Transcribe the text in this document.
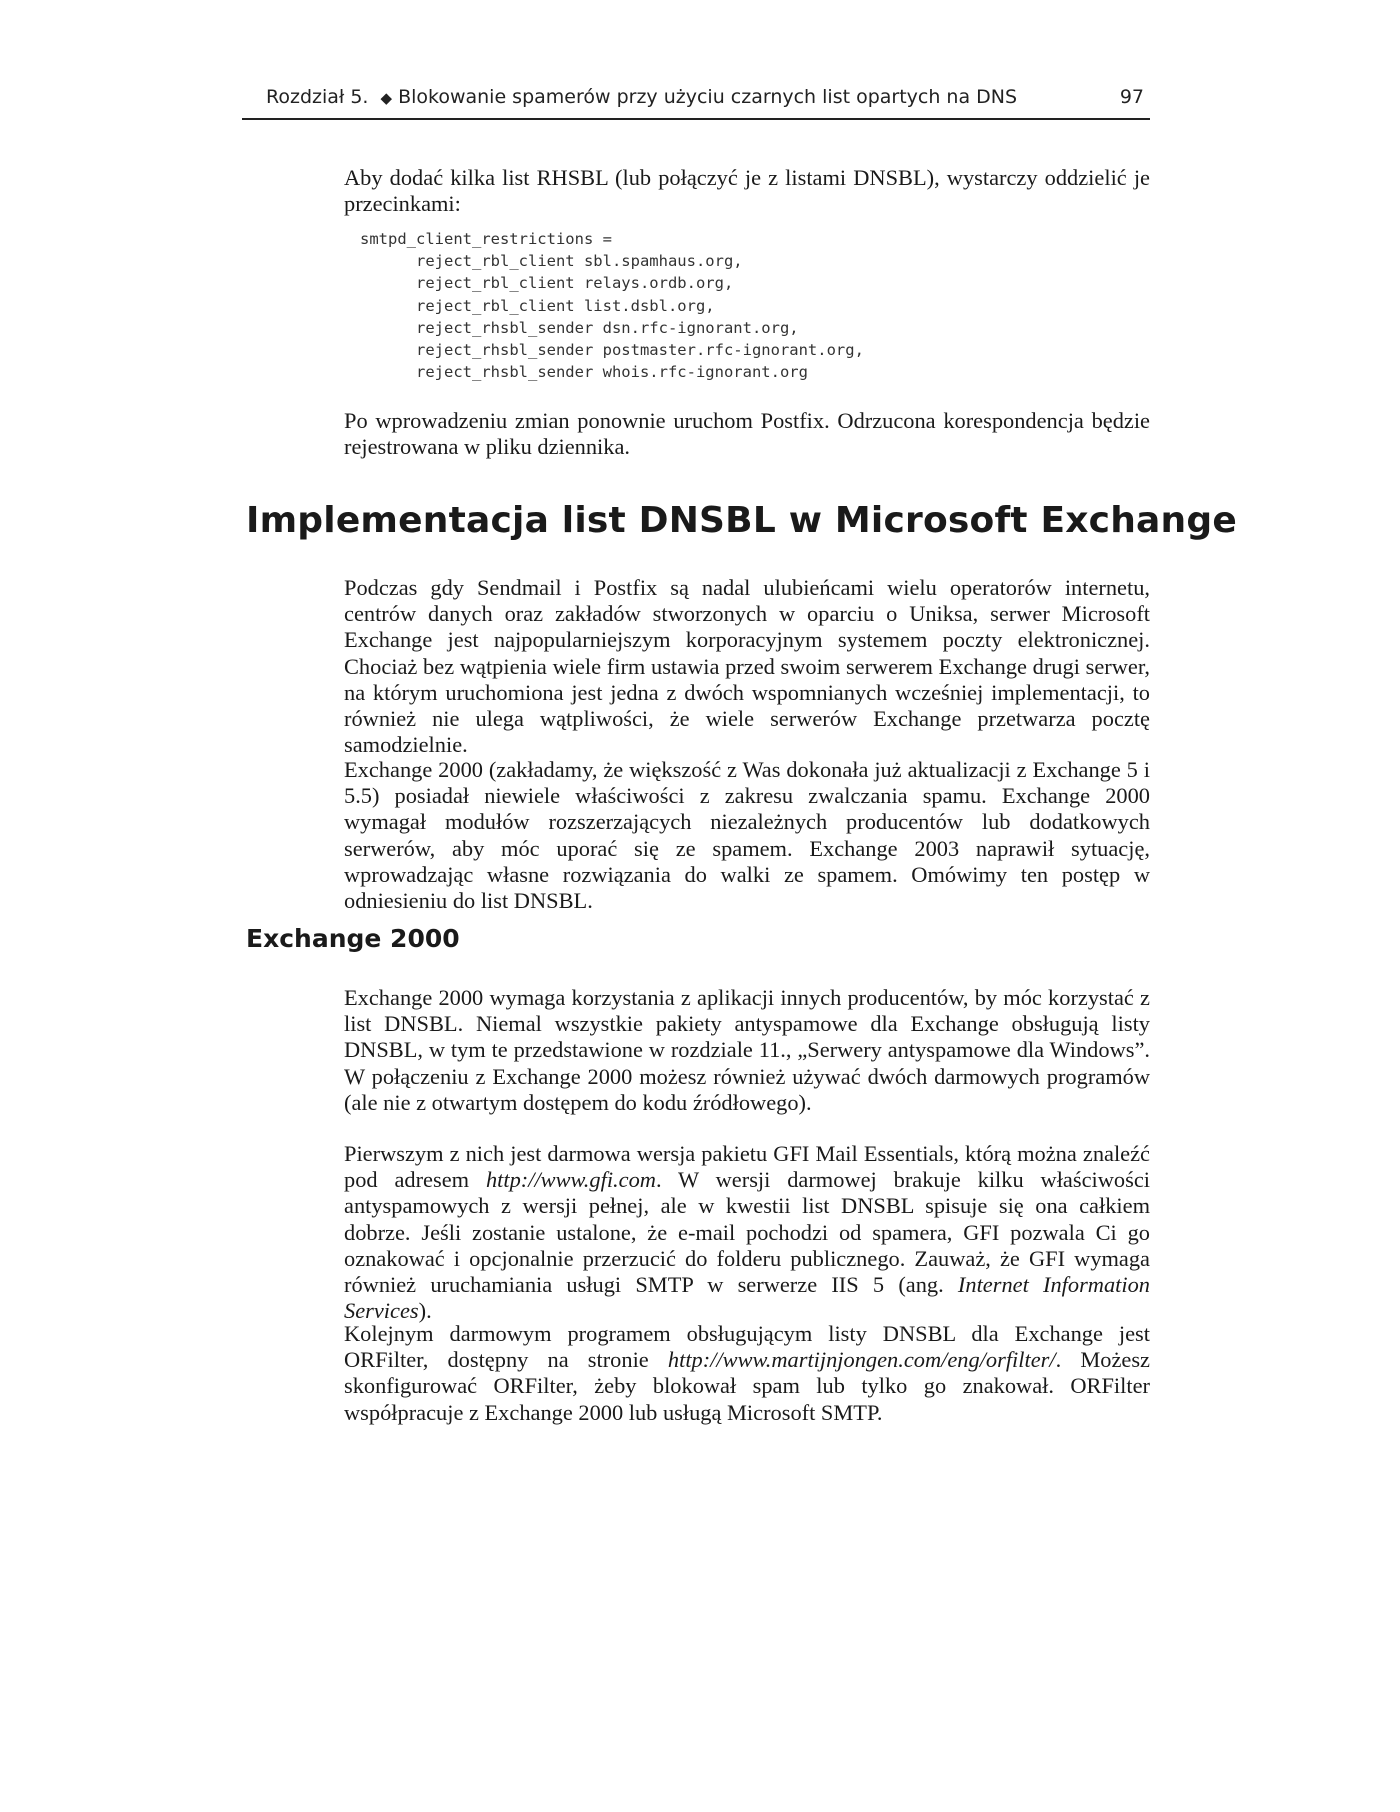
Rozdział 5. ◆ Blokowanie spamerów przy użyciu czarnych list opartych na DNS	97

Aby dodać kilka list RHSBL (lub połączyć je z listami DNSBL), wystarczy oddzielić je przecinkami:

smtpd_client_restrictions =
reject_rbl_client sbl.spamhaus.org,
reject_rbl_client relays.ordb.org,
reject_rbl_client list.dsbl.org,
reject_rhsbl_sender dsn.rfc-ignorant.org,
reject_rhsbl_sender postmaster.rfc-ignorant.org,
reject_rhsbl_sender whois.rfc-ignorant.org

Po wprowadzeniu zmian ponownie uruchom Postfix. Odrzucona korespondencja będzie rejestrowana w pliku dziennika.

Implementacja list DNSBL w Microsoft Exchange

Podczas gdy Sendmail i Postfix są nadal ulubieńcami wielu operatorów internetu, centrów danych oraz zakładów stworzonych w oparciu o Uniksa, serwer Microsoft Exchange jest najpopularniejszym korporacyjnym systemem poczty elektronicznej. Chociaż bez wątpienia wiele firm ustawia przed swoim serwerem Exchange drugi serwer, na którym uruchomiona jest jedna z dwóch wspomnianych wcześniej implementacji, to również nie ulega wątpliwości, że wiele serwerów Exchange przetwarza pocztę samodzielnie.

Exchange 2000 (zakładamy, że większość z Was dokonała już aktualizacji z Exchange 5 i 5.5) posiadał niewiele właściwości z zakresu zwalczania spamu. Exchange 2000 wymagał modułów rozszerzających niezależnych producentów lub dodatkowych serwerów, aby móc uporać się ze spamem. Exchange 2003 naprawił sytuację, wprowadzając własne rozwiązania do walki ze spamem. Omówimy ten postęp w odniesieniu do list DNSBL.

Exchange 2000

Exchange 2000 wymaga korzystania z aplikacji innych producentów, by móc korzystać z list DNSBL. Niemal wszystkie pakiety antyspamowe dla Exchange obsługują listy DNSBL, w tym te przedstawione w rozdziale 11., „Serwery antyspamowe dla Windows”. W połączeniu z Exchange 2000 możesz również używać dwóch darmowych programów (ale nie z otwartym dostępem do kodu źródłowego).

Pierwszym z nich jest darmowa wersja pakietu GFI Mail Essentials, którą można znaleźć pod adresem http://www.gfi.com. W wersji darmowej brakuje kilku właściwości antyspamowych z wersji pełnej, ale w kwestii list DNSBL spisuje się ona całkiem dobrze. Jeśli zostanie ustalone, że e-mail pochodzi od spamera, GFI pozwala Ci go oznakować i opcjonalnie przerzucić do folderu publicznego. Zauważ, że GFI wymaga również uruchamiania usługi SMTP w serwerze IIS 5 (ang. Internet Information Services).

Kolejnym darmowym programem obsługującym listy DNSBL dla Exchange jest ORFilter, dostępny na stronie http://www.martijnjongen.com/eng/orfilter/. Możesz skonfigurować ORFilter, żeby blokował spam lub tylko go znakował. ORFilter współpracuje z Exchange 2000 lub usługą Microsoft SMTP.
